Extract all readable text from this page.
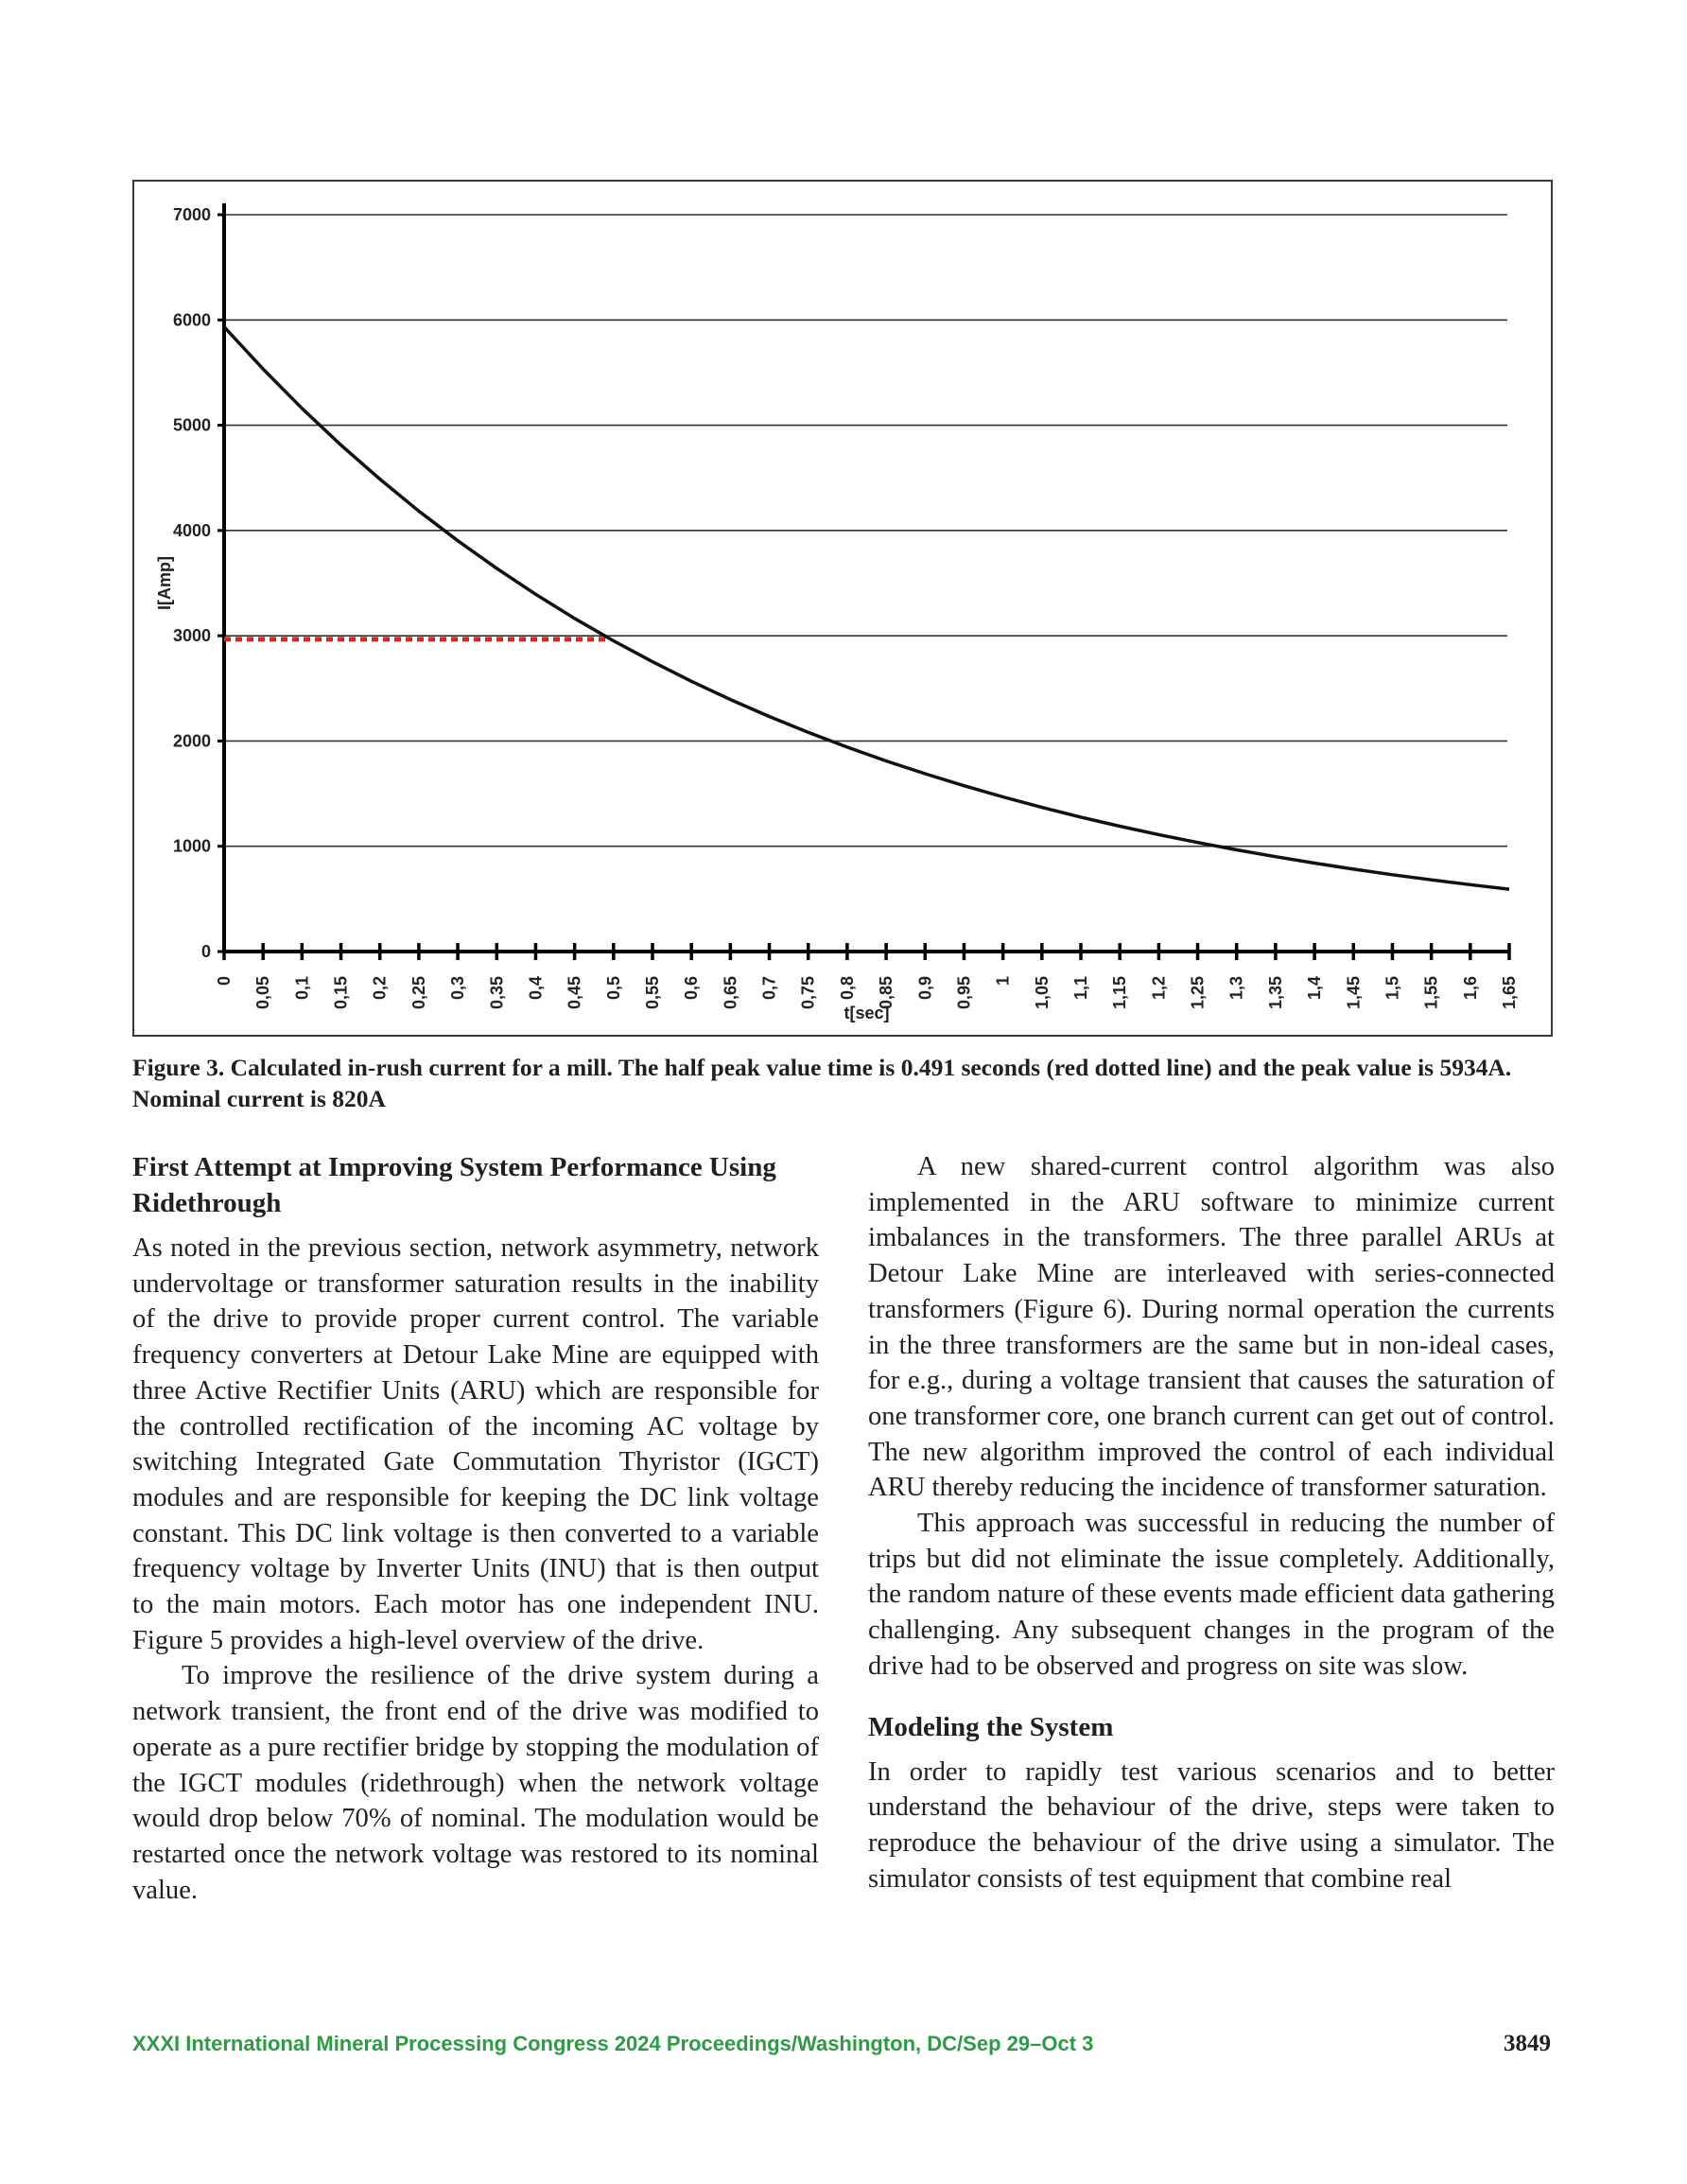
0
1000
2000
3000
4000
5000
6000
7000
0 0,05 0,1 0,15 0,2 0,25 0,3 0,35 0,4 0,45 0,5 0,55 0,6 0,65 0,7 0,75 0,8 0,85 0,9 0,95 1 1,05 1,1 1,15 1,2 1,25 1,3 1,35 1,4 1,45 1,5 1,55 1,6 1,65
t[sec]
I[Amp]
Figure 3. Calculated in-rush current for a mill. The half peak value time is 0.491 seconds (red dotted line) and the peak value is 5934A. Nominal current is 820A
First Attempt at Improving System Performance Using Ridethrough

As noted in the previous section, network asymmetry, network undervoltage or transformer saturation results in the inability of the drive to provide proper current control. The variable frequency converters at Detour Lake Mine are equipped with three Active Rectifier Units (ARU) which are responsible for the controlled rectification of the incoming AC voltage by switching Integrated Gate Commutation Thyristor (IGCT) modules and are responsible for keeping the DC link voltage constant. This DC link voltage is then converted to a variable frequency voltage by Inverter Units (INU) that is then output to the main motors. Each motor has one independent INU. Figure 5 provides a high-level overview of the drive.

To improve the resilience of the drive system during a network transient, the front end of the drive was modified to operate as a pure rectifier bridge by stopping the modulation of the IGCT modules (ridethrough) when the network voltage would drop below 70% of nominal. The modulation would be restarted once the network voltage was restored to its nominal value.

A new shared-current control algorithm was also implemented in the ARU software to minimize current imbalances in the transformers. The three parallel ARUs at Detour Lake Mine are interleaved with series-connected transformers (Figure 6). During normal operation the currents in the three transformers are the same but in non-ideal cases, for e.g., during a voltage transient that causes the saturation of one transformer core, one branch current can get out of control. The new algorithm improved the control of each individual ARU thereby reducing the incidence of transformer saturation.

This approach was successful in reducing the number of trips but did not eliminate the issue completely. Additionally, the random nature of these events made efficient data gathering challenging. Any subsequent changes in the program of the drive had to be observed and progress on site was slow.

Modeling the System

In order to rapidly test various scenarios and to better understand the behaviour of the drive, steps were taken to reproduce the behaviour of the drive using a simulator. The simulator consists of test equipment that combine real

XXXI International Mineral Processing Congress 2024 Proceedings/Washington, DC/Sep 29–Oct 3	3849
